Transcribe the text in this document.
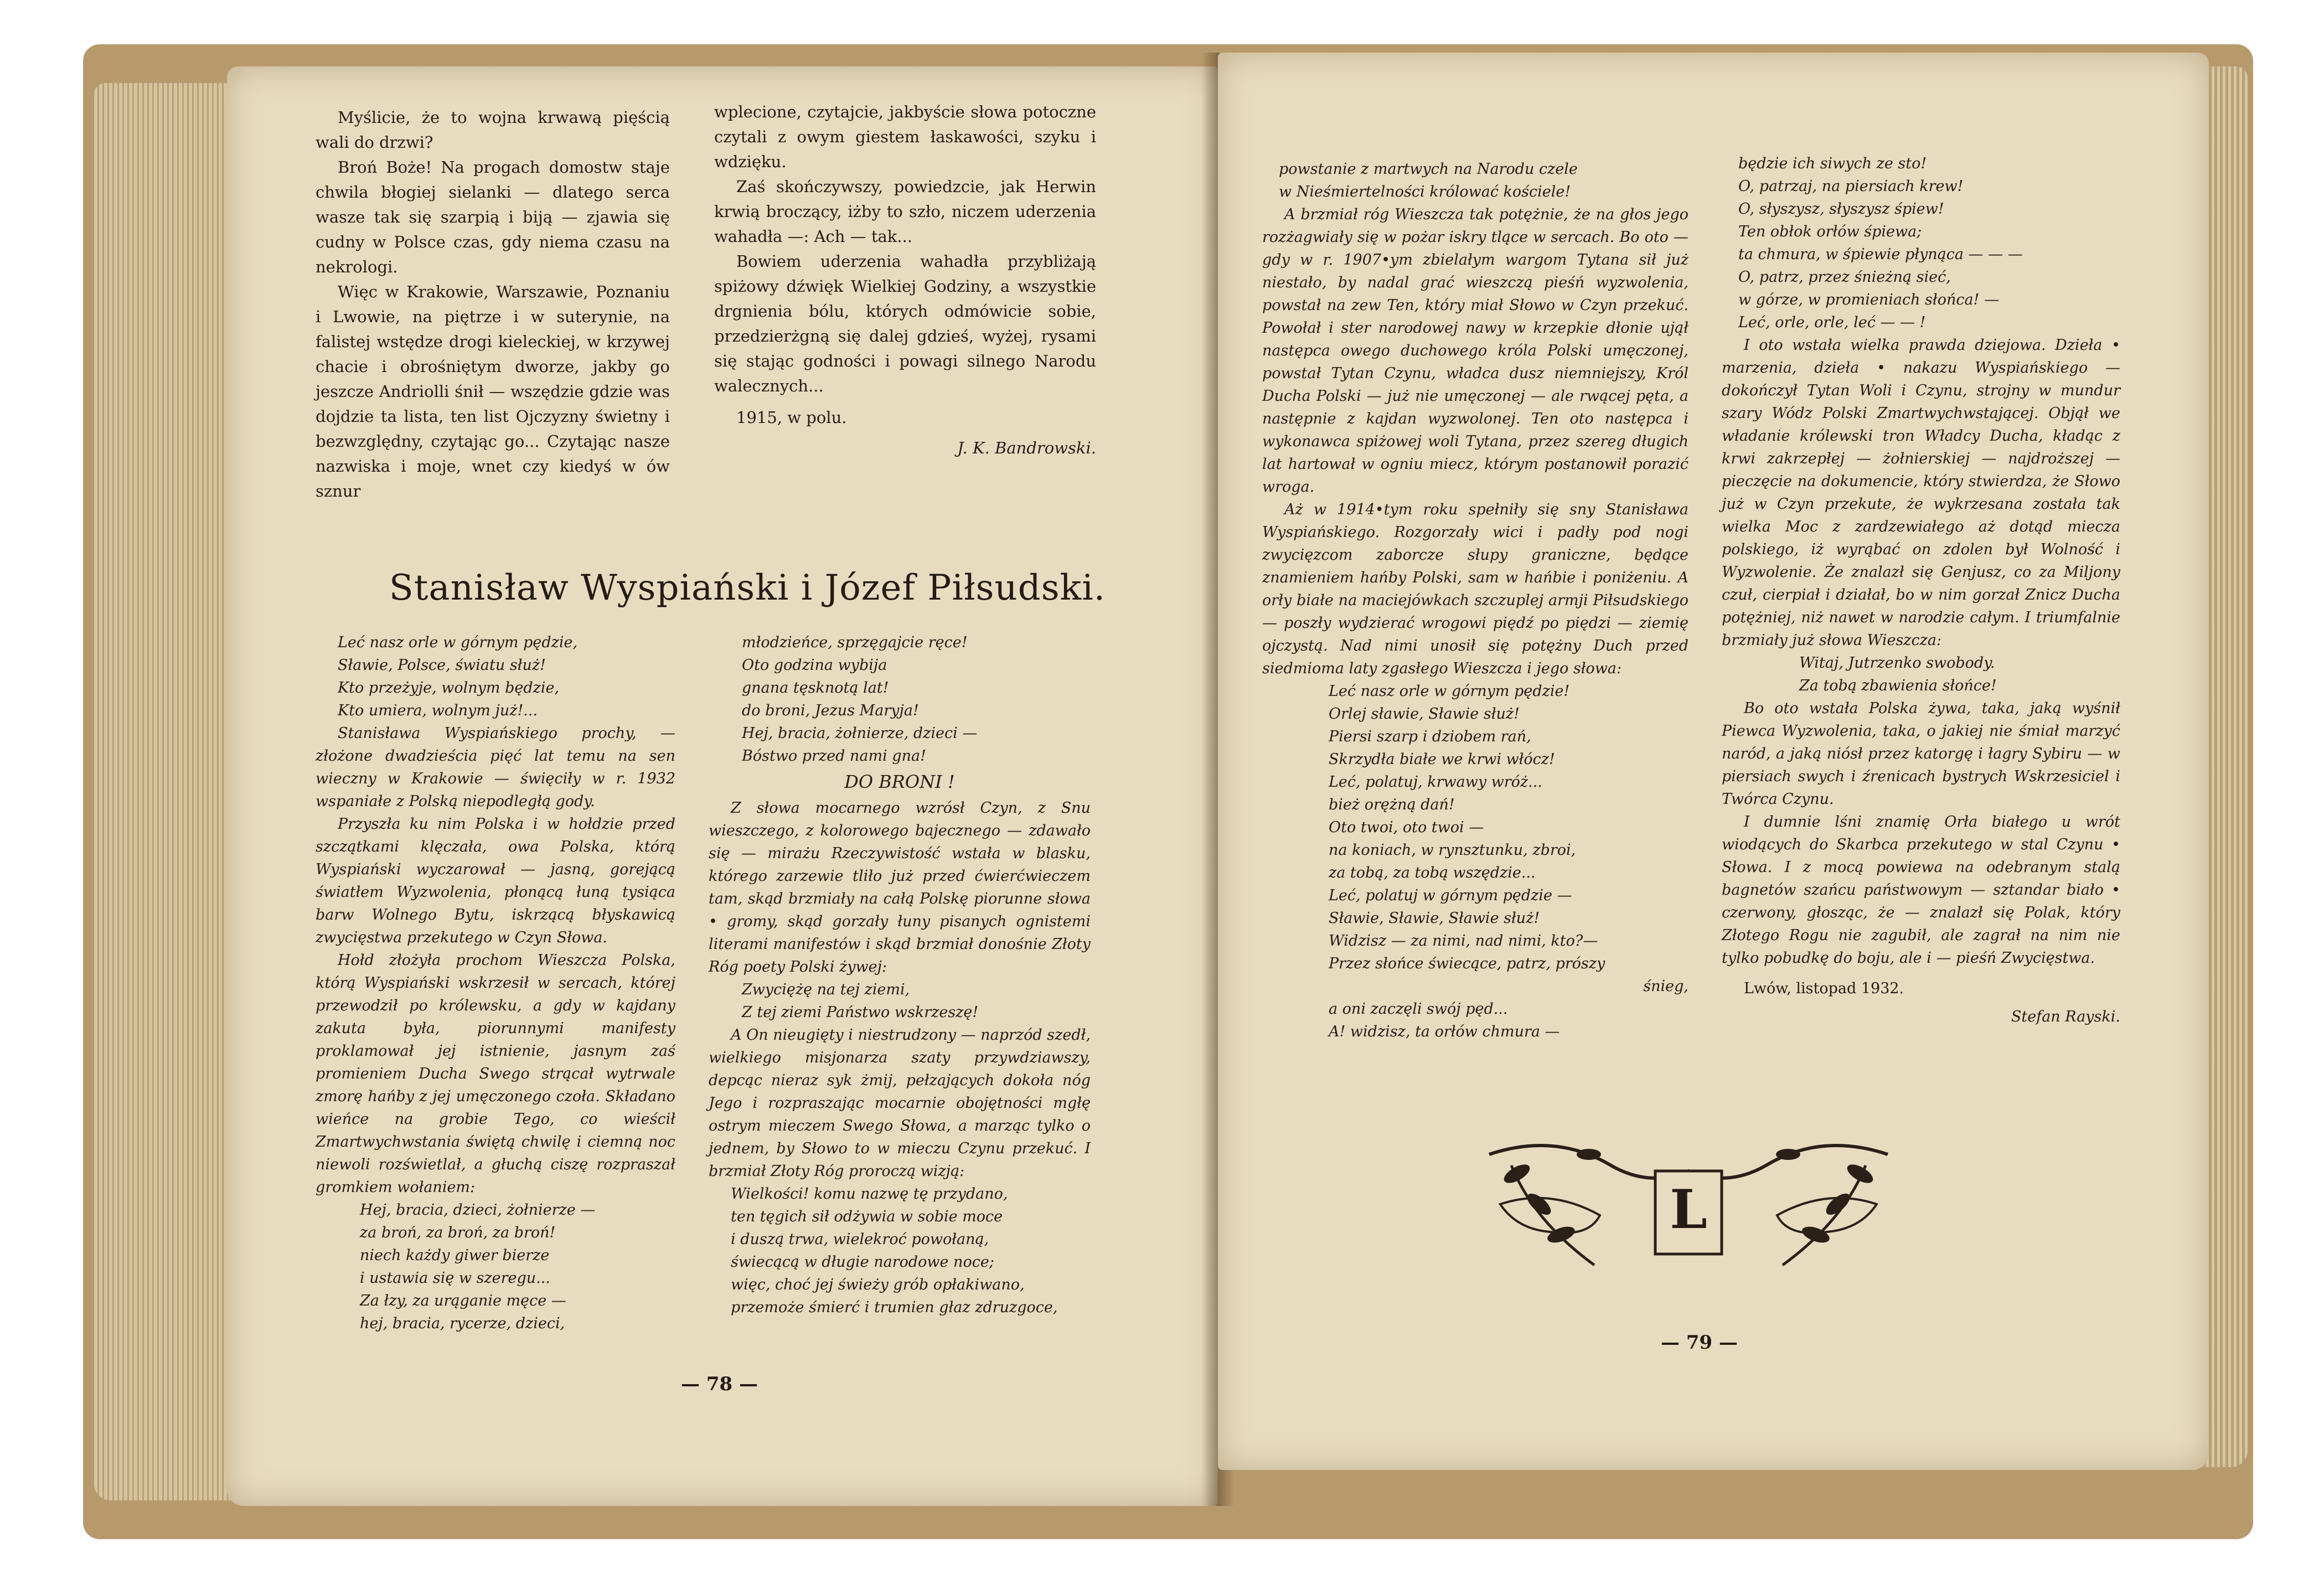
Myślicie, że to wojna krwawą pięścią wali do drzwi?

Broń Boże! Na progach domostw staje chwila błogiej sielanki — dlatego serca wasze tak się szarpią i biją — zjawia się cudny w Polsce czas, gdy niema czasu na nekrologi.

Więc w Krakowie, Warszawie, Poznaniu i Lwowie, na piętrze i w suterynie, na falistej wstędze drogi kieleckiej, w krzywej chacie i obrośniętym dworze, jakby go jeszcze Andriolli śnił — wszędzie gdzie was dojdzie ta lista, ten list Ojczyzny świetny i bezwzględny, czytając go... Czytając nasze nazwiska i moje, wnet czy kiedyś w ów sznur

wplecione, czytajcie, jakbyście słowa potoczne czytali z owym giestem łaskawości, szyku i wdzięku.

Zaś skończywszy, powiedzcie, jak Herwin krwią broczący, iżby to szło, niczem uderzenia wahadła —: Ach — tak...

Bowiem uderzenia wahadła przybliżają spiżowy dźwięk Wielkiej Godziny, a wszystkie drgnienia bólu, których odmówicie sobie, przedzierżgną się dalej gdzieś, wyżej, rysami się stając godności i powagi silnego Narodu walecznych...

1915, w polu.

J. K. Bandrowski.
Stanisław Wyspiański i Józef Piłsudski.
Leć nasz orle w górnym pędzie,
Sławie, Polsce, światu służ!
Kto przeżyje, wolnym będzie,
Kto umiera, wolnym już!...

Stanisława Wyspiańskiego prochy, — złożone dwadzieścia pięć lat temu na sen wieczny w Krakowie — święciły w r. 1932 wspaniałe z Polską niepodległą gody.

Przyszła ku nim Polska i w hołdzie przed szczątkami klęczała, owa Polska, którą Wyspiański wyczarował — jasną, gorejącą światłem Wyzwolenia, płonącą łuną tysiąca barw Wolnego Bytu, iskrzącą błyskawicą zwycięstwa przekutego w Czyn Słowa.

Hołd złożyła prochom Wieszcza Polska, którą Wyspiański wskrzesił w sercach, której przewodził po królewsku, a gdy w kajdany zakuta była, piorunnymi manifesty proklamował jej istnienie, jasnym zaś promieniem Ducha Swego strącał wytrwale zmorę hańby z jej umęczonego czoła. Składano wieńce na grobie Tego, co wieścił Zmartwychwstania świętą chwilę i ciemną noc niewoli rozświetlał, a głuchą ciszę rozpraszał gromkiem wołaniem:

Hej, bracia, dzieci, żołnierze —
za broń, za broń, za broń!
niech każdy giwer bierze
i ustawia się w szeregu...
Za łzy, za urąganie męce —
hej, bracia, rycerze, dzieci,
młodzieńce, sprzęgajcie ręce!
Oto godzina wybija
gnana tęsknotą lat!
do broni, Jezus Maryja!
Hej, bracia, żołnierze, dzieci —
Bóstwo przed nami gna!
DO BRONI !

Z słowa mocarnego wzrósł Czyn, z Snu wieszczego, z kolorowego bajecznego — zdawało się — mirażu Rzeczywistość wstała w blasku, którego zarzewie tliło już przed ćwierćwieczem tam, skąd brzmiały na całą Polskę piorunne słowa • gromy, skąd gorzały łuny pisanych ognistemi literami manifestów i skąd brzmiał donośnie Złoty Róg poety Polski żywej:

Zwyciężę na tej ziemi,
Z tej ziemi Państwo wskrzeszę!

A On nieugięty i niestrudzony — naprzód szedł, wielkiego misjonarza szaty przywdziawszy, depcąc nieraz syk żmij, pełzających dokoła nóg Jego i rozpraszając mocarnie obojętności mgłę ostrym mieczem Swego Słowa, a marząc tylko o jednem, by Słowo to w mieczu Czynu przekuć. I brzmiał Złoty Róg proroczą wizją:

Wielkości! komu nazwę tę przydano,
ten tęgich sił odżywia w sobie moce
i duszą trwa, wielekroć powołaną,
świecącą w długie narodowe noce;
więc, choć jej świeży grób opłakiwano,
przemoże śmierć i trumien głaz zdruzgoce,
— 78 —
powstanie z martwych na Narodu czele
w Nieśmiertelności królować kościele!

A brzmiał róg Wieszcza tak potężnie, że na głos jego rozżagwiały się w pożar iskry tlące w sercach. Bo oto — gdy w r. 1907•ym zbielałym wargom Tytana sił już niestało, by nadal grać wieszczą pieśń wyzwolenia, powstał na zew Ten, który miał Słowo w Czyn przekuć. Powołał i ster narodowej nawy w krzepkie dłonie ujął następca owego duchowego króla Polski umęczonej, powstał Tytan Czynu, władca dusz niemniejszy, Król Ducha Polski — już nie umęczonej — ale rwącej pęta, a następnie z kajdan wyzwolonej. Ten oto następca i wykonawca spiżowej woli Tytana, przez szereg długich lat hartował w ogniu miecz, którym postanowił porazić wroga.

Aż w 1914•tym roku spełniły się sny Stanisława Wyspiańskiego. Rozgorzały wici i padły pod nogi zwycięzcom zaborcze słupy graniczne, będące znamieniem hańby Polski, sam w hańbie i poniżeniu. A orły białe na maciejówkach szczuplej armji Piłsudskiego — poszły wydzierać wrogowi piędź po piędzi — ziemię ojczystą. Nad nimi unosił się potężny Duch przed siedmioma laty zgasłego Wieszcza i jego słowa:

Leć nasz orle w górnym pędzie!
Orlej sławie, Sławie służ!
Piersi szarp i dziobem rań,
Skrzydła białe we krwi włócz!
Leć, polatuj, krwawy wróż...
bież orężną dań!
Oto twoi, oto twoi —
na koniach, w rynsztunku, zbroi,
za tobą, za tobą wszędzie...
Leć, polatuj w górnym pędzie —
Sławie, Sławie, Sławie służ!
Widzisz — za nimi, nad nimi, kto?—
Przez słońce świecące, patrz, prószy
śnieg,
a oni zaczęli swój pęd...
A! widzisz, ta orłów chmura —
będzie ich siwych ze sto!
O, patrzaj, na piersiach krew!
O, słyszysz, słyszysz śpiew!
Ten obłok orłów śpiewa;
ta chmura, w śpiewie płynąca — — —
O, patrz, przez śnieżną sieć,
w górze, w promieniach słońca! —
Leć, orle, orle, leć — — !

I oto wstała wielka prawda dziejowa. Dzieła • marzenia, dzieła • nakazu Wyspiańskiego — dokończył Tytan Woli i Czynu, strojny w mundur szary Wódz Polski Zmartwychwstającej. Objął we władanie królewski tron Władcy Ducha, kładąc z krwi zakrzepłej — żołnierskiej — najdroższej — pieczęcie na dokumencie, który stwierdza, że Słowo już w Czyn przekute, że wykrzesana została tak wielka Moc z zardzewiałego aż dotąd miecza polskiego, iż wyrąbać on zdolen był Wolność i Wyzwolenie. Że znalazł się Genjusz, co za Miljony czuł, cierpiał i działał, bo w nim gorzał Znicz Ducha potężniej, niż nawet w narodzie całym. I triumfalnie brzmiały już słowa Wieszcza:

Witaj, Jutrzenko swobody.
Za tobą zbawienia słońce!

Bo oto wstała Polska żywa, taka, jaką wyśnił Piewca Wyzwolenia, taka, o jakiej nie śmiał marzyć naród, a jaką niósł przez katorgę i łagry Sybiru — w piersiach swych i źrenicach bystrych Wskrzesiciel i Twórca Czynu.

I dumnie lśni znamię Orła białego u wrót wiodących do Skarbca przekutego w stal Czynu • Słowa. I z mocą powiewa na odebranym stalą bagnetów szańcu państwowym — sztandar biało • czerwony, głosząc, że — znalazł się Polak, który Złotego Rogu nie zagubił, ale zagrał na nim nie tylko pobudkę do boju, ale i — pieśń Zwycięstwa.

Lwów, listopad 1932.

Stefan Rayski.
L
— 79 —
